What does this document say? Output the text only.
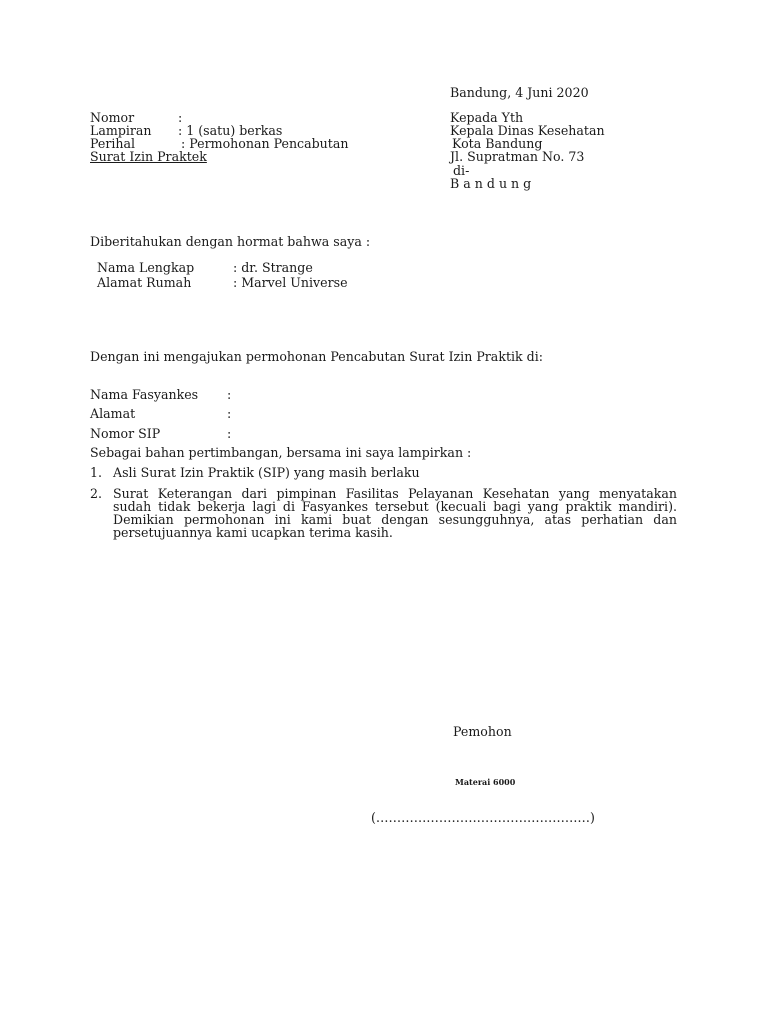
Bandung, 4 Juni 2020
Nomor	:
Lampiran : 1 (satu) berkas
Perihal	: Permohonan Pencabutan
Surat Izin Praktek
Kepada Yth
Kepala Dinas Kesehatan
Kota Bandung
Jl. Supratman No. 73
di-
B a n d u n g
Diberitahukan dengan hormat bahwa saya :
Nama Lengkap	: dr. Strange
Alamat Rumah	: Marvel Universe
Dengan ini mengajukan permohonan Pencabutan Surat Izin Praktik di:
Nama Fasyankes :
Alamat	:
Nomor SIP	:
Sebagai bahan pertimbangan, bersama ini saya lampirkan :
1. Asli Surat Izin Praktik (SIP) yang masih berlaku
2. Surat Keterangan dari pimpinan Fasilitas Pelayanan Kesehatan yang menyatakan
sudah tidak bekerja lagi di Fasyankes tersebut (kecuali bagi yang praktik mandiri).
Demikian permohonan ini kami buat dengan sesungguhnya, atas perhatian dan
persetujuannya kami ucapkan terima kasih.
Pemohon
Materai 6000
(……………………………………………)
